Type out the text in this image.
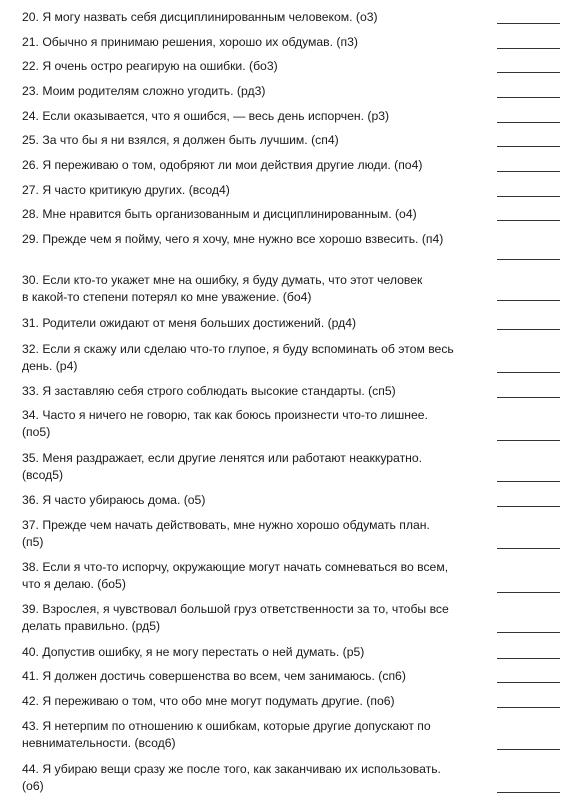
20. Я могу назвать себя дисциплинированным человеком. (о3)
21. Обычно я принимаю решения, хорошо их обдумав. (п3)
22. Я очень остро реагирую на ошибки. (бо3)
23. Моим родителям сложно угодить. (рд3)
24. Если оказывается, что я ошибся, — весь день испорчен. (р3)
25. За что бы я ни взялся, я должен быть лучшим. (сп4)
26. Я переживаю о том, одобряют ли мои действия другие люди. (по4)
27. Я часто критикую других. (всод4)
28. Мне нравится быть организованным и дисциплинированным. (о4)
29. Прежде чем я пойму, чего я хочу, мне нужно все хорошо взвесить. (п4)
30. Если кто-то укажет мне на ошибку, я буду думать, что этот человек
в какой-то степени потерял ко мне уважение. (бо4)
31. Родители ожидают от меня больших достижений. (рд4)
32. Если я скажу или сделаю что-то глупое, я буду вспоминать об этом весь
день. (р4)
33. Я заставляю себя строго соблюдать высокие стандарты. (сп5)
34. Часто я ничего не говорю, так как боюсь произнести что-то лишнее.
(по5)
35. Меня раздражает, если другие ленятся или работают неаккуратно.
(всод5)
36. Я часто убираюсь дома. (о5)
37. Прежде чем начать действовать, мне нужно хорошо обдумать план.
(п5)
38. Если я что-то испорчу, окружающие могут начать сомневаться во всем,
что я делаю. (бо5)
39. Взрослея, я чувствовал большой груз ответственности за то, чтобы все
делать правильно. (рд5)
40. Допустив ошибку, я не могу перестать о ней думать. (р5)
41. Я должен достичь совершенства во всем, чем занимаюсь. (сп6)
42. Я переживаю о том, что обо мне могут подумать другие. (по6)
43. Я нетерпим по отношению к ошибкам, которые другие допускают по
невнимательности. (всод6)
44. Я убираю вещи сразу же после того, как заканчиваю их использовать.
(о6)
